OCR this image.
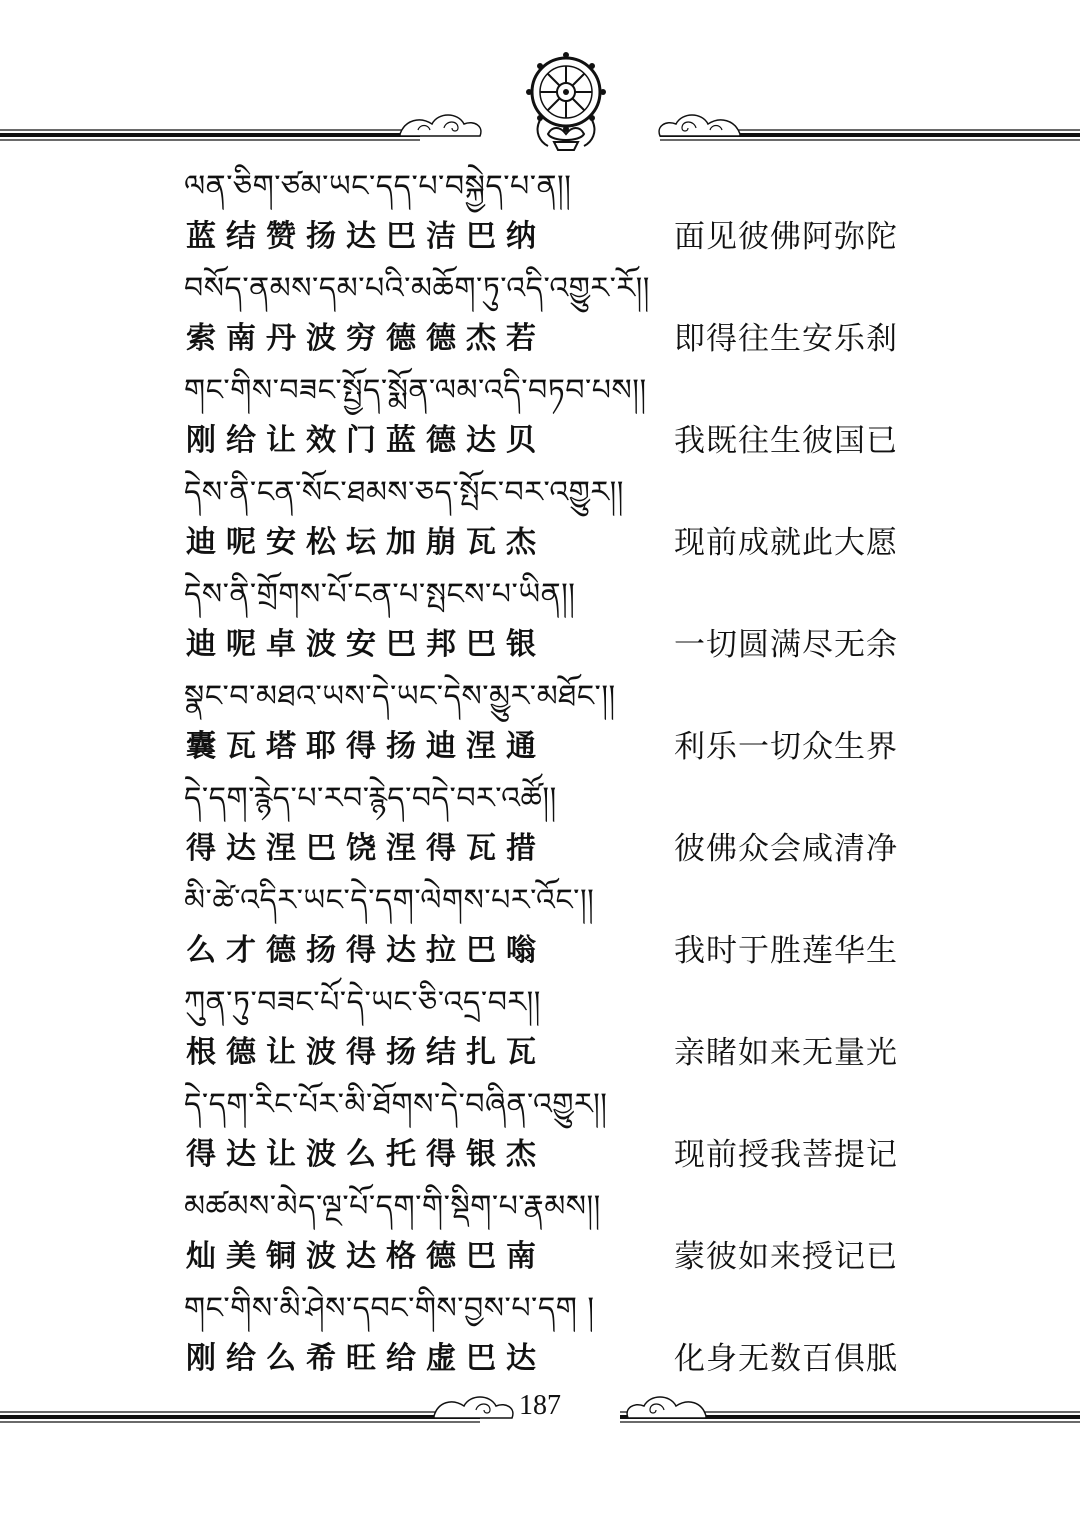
ལན་ཅིག་ཙམ་ཡང་དད་པ་བསྐྱེད་པ་ན།།
蓝结赞扬达巴洁巴纳	面见彼佛阿弥陀
བསོད་ནམས་དམ་པའི་མཆོག་ཏུ་འདི་འགྱུར་རོ།།
索南丹波穷德德杰若	即得往生安乐刹
གང་གིས་བཟང་སྤྱོད་སྨོན་ལམ་འདི་བཏབ་པས།།
刚给让效门蓝德达贝	我既往生彼国已
དེས་ནི་ངན་སོང་ཐམས་ཅད་སྤོང་བར་འགྱུར།།
迪呢安松坛加崩瓦杰	现前成就此大愿
དེས་ནི་གྲོགས་པོ་ངན་པ་སྤངས་པ་ཡིན།།
迪呢卓波安巴邦巴银	一切圆满尽无余
སྣང་བ་མཐའ་ཡས་དེ་ཡང་དེས་མྱུར་མཐོང་།།
囊瓦塔耶得扬迪涅通	利乐一切众生界
དེ་དག་རྙེད་པ་རབ་རྙེད་བདེ་བར་འཚོ།།
得达涅巴饶涅得瓦措	彼佛众会咸清净
མི་ཚེ་འདིར་ཡང་དེ་དག་ལེགས་པར་འོང་།།
么才德扬得达拉巴嗡	我时于胜莲华生
ཀུན་ཏུ་བཟང་པོ་དེ་ཡང་ཅི་འདྲ་བར།།
根德让波得扬结扎瓦	亲睹如来无量光
དེ་དག་རིང་པོར་མི་ཐོགས་དེ་བཞིན་འགྱུར།།
得达让波么托得银杰	现前授我菩提记
མཚམས་མེད་ལྔ་པོ་དག་གི་སྡིག་པ་རྣམས།།
灿美铜波达格德巴南	蒙彼如来授记已
གང་གིས་མི་ཤེས་དབང་གིས་བྱས་པ་དག །
刚给么希旺给虚巴达	化身无数百俱胝
187
